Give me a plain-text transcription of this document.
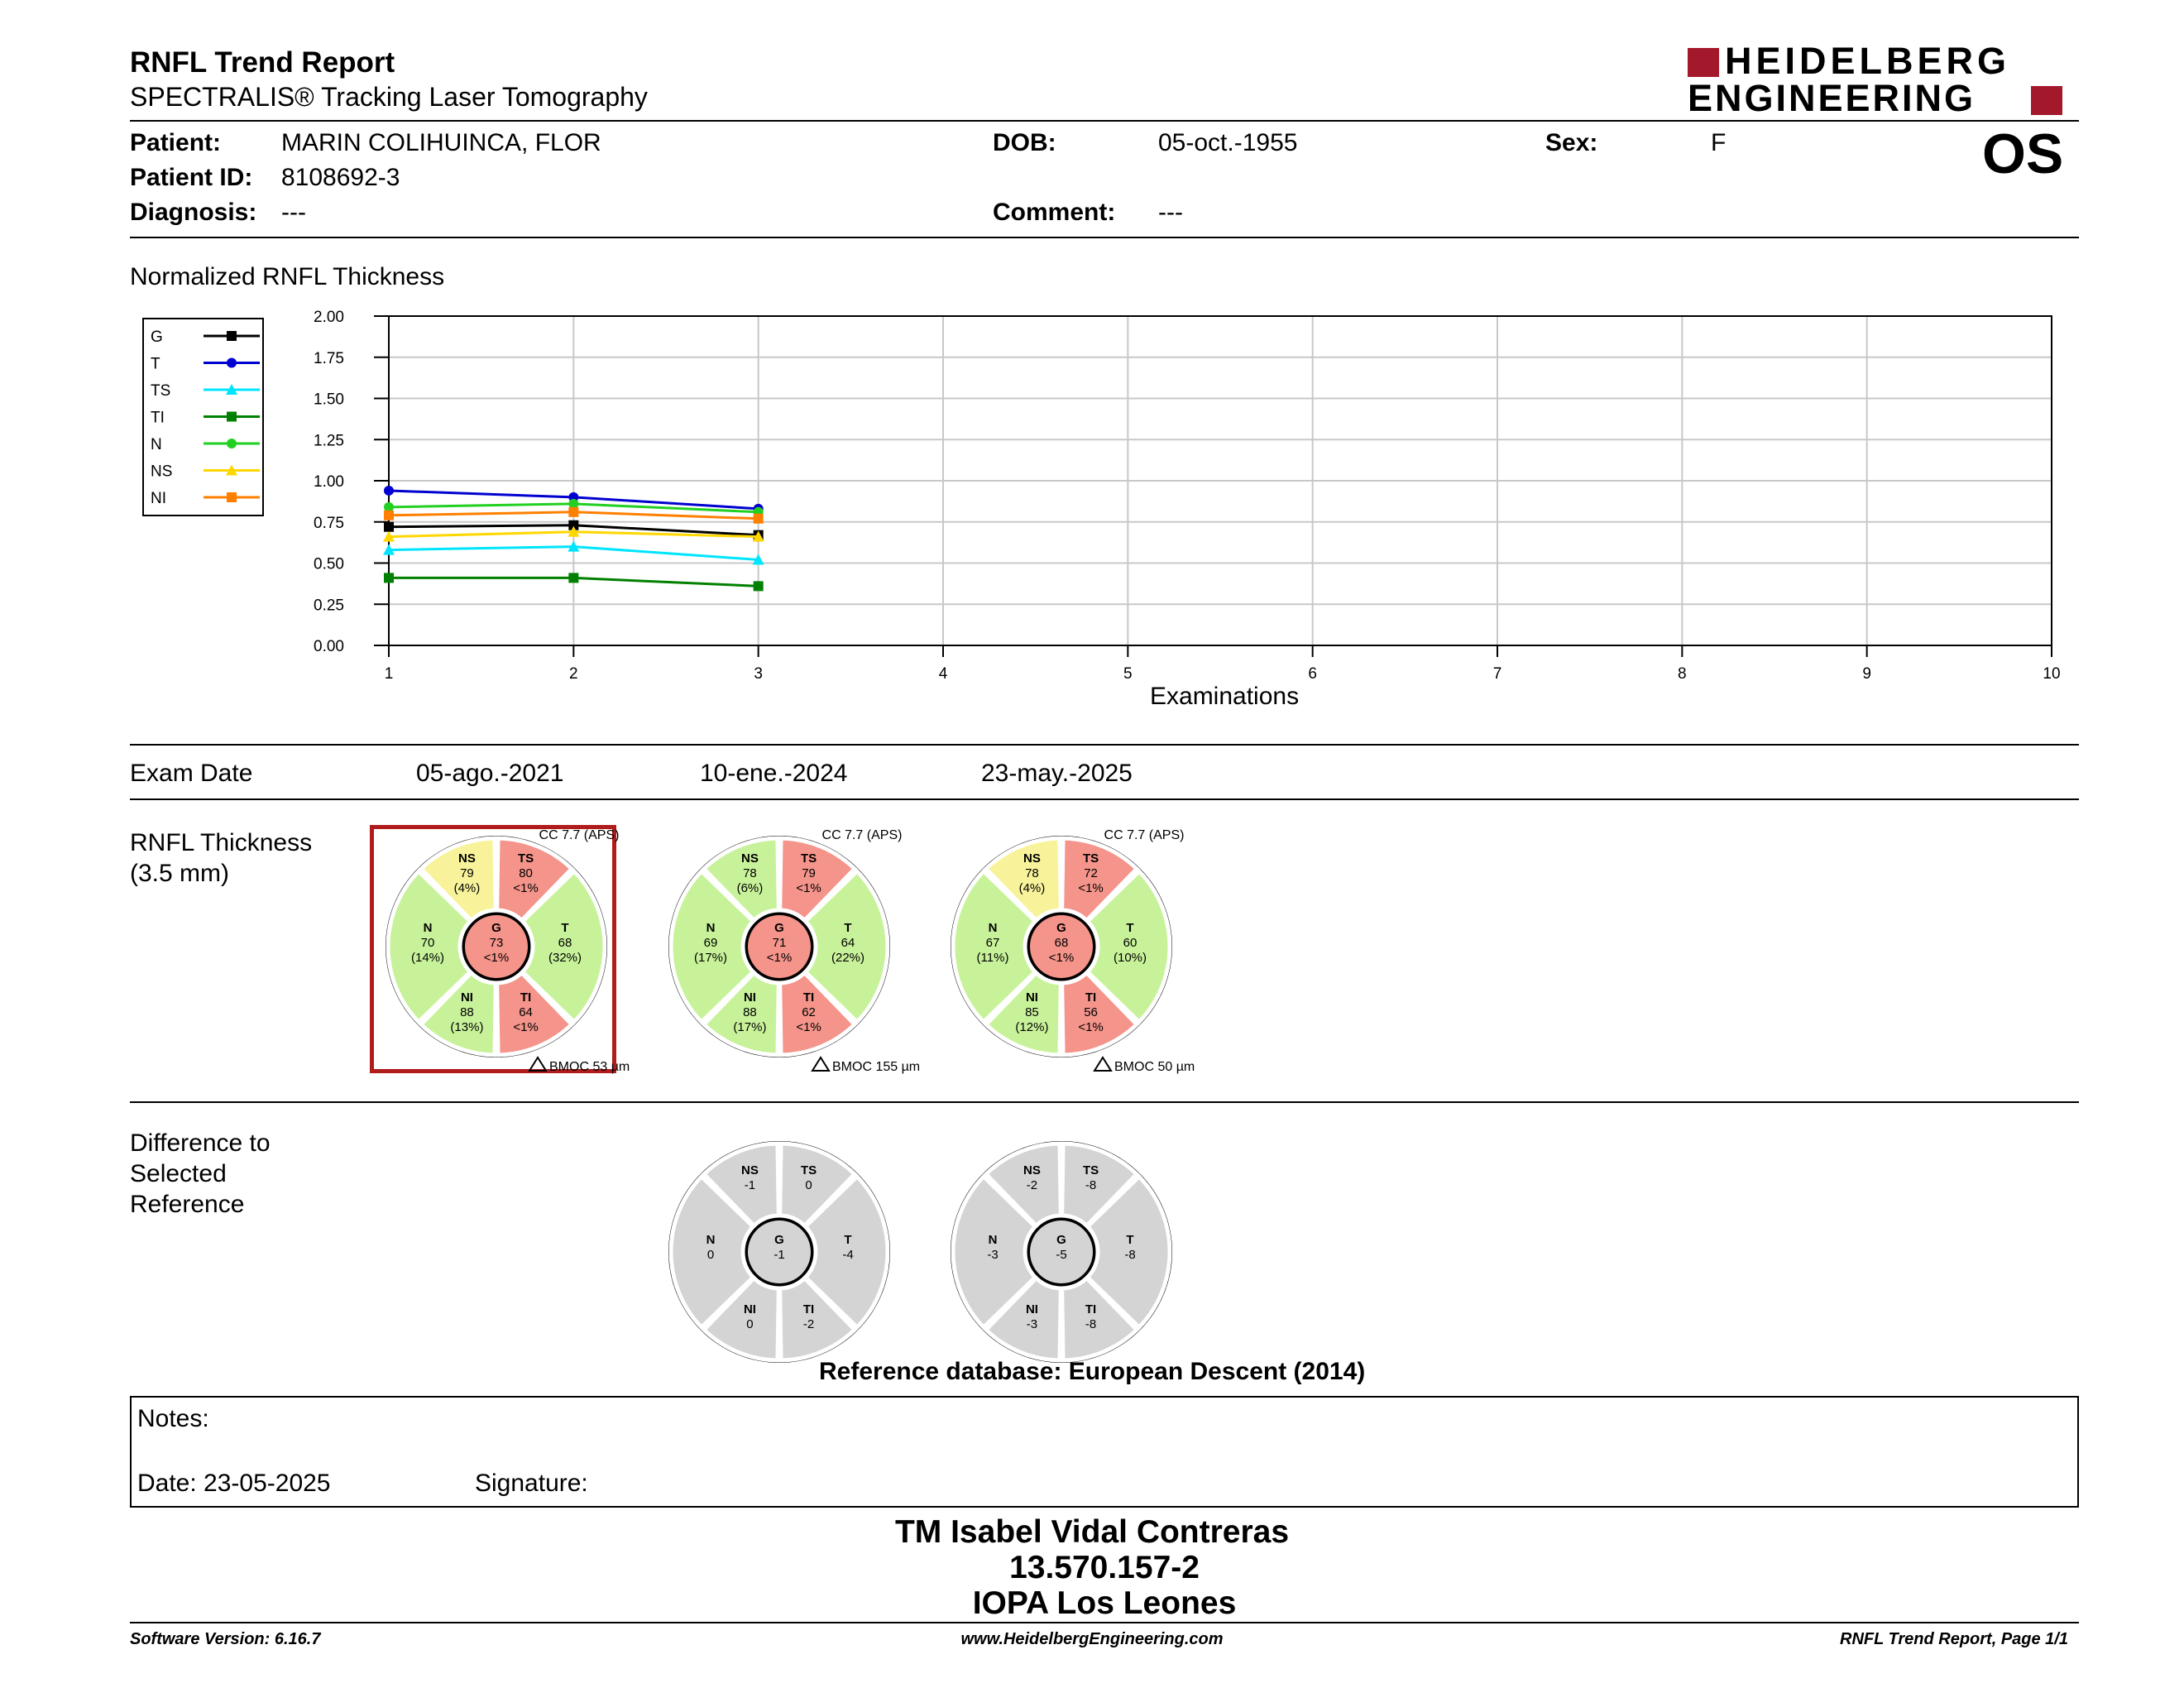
RNFL Trend Report
SPECTRALIS® Tracking Laser Tomography
HEIDELBERG
ENGINEERING
OS
Patient: MARIN COLIHUINCA, FLOR
Patient ID: 8108692-3
Diagnosis: ---
DOB:	05-oct.-1955
Comment: ---
Sex:	F
Normalized RNFL Thickness
G
T
TS
TI
N
NS
NI
0.00
0.25
0.50
0.75
1.00
1.25
1.50
1.75
2.00
1	2	3	4	5	6	7	8	9	10
Examinations
Exam Date	05-ago.-2021	10-ene.-2024	23-may.-2025
RNFL Thickness
(3.5 mm)
T
68
(32%)
TS
80
<1%
NS
79
(4%)
N
70
(14%)
NI
88
(13%)
TI
64
<1%
G
73
<1%
CC 7.7 (APS)
BMOC 53 µm
T
64
(22%)
TS
79
<1%
NS
78
(6%)
N
69
(17%)
NI
88
(17%)
TI
62
<1%
G
71
<1%
CC 7.7 (APS)
BMOC 155 µm
T
60
(10%)
TS
72
<1%
NS
78
(4%)
N
67
(11%)
NI
85
(12%)
TI
56
<1%
G
68
<1%
CC 7.7 (APS)
BMOC 50 µm
Difference to
Selected
Reference
T
-4
TS
0
NS
-1
N
0
NI
0
TI
-2
G
-1
T
-8
TS
-8
NS
-2
N
-3
NI
-3
TI
-8
G
-5
Reference database: European Descent (2014)
Notes:
Date: 23-05-2025	Signature:
TM Isabel Vidal Contreras
13.570.157-2
IOPA Los Leones
Software Version: 6.16.7	www.HeidelbergEngineering.com	RNFL Trend Report, Page 1/1
